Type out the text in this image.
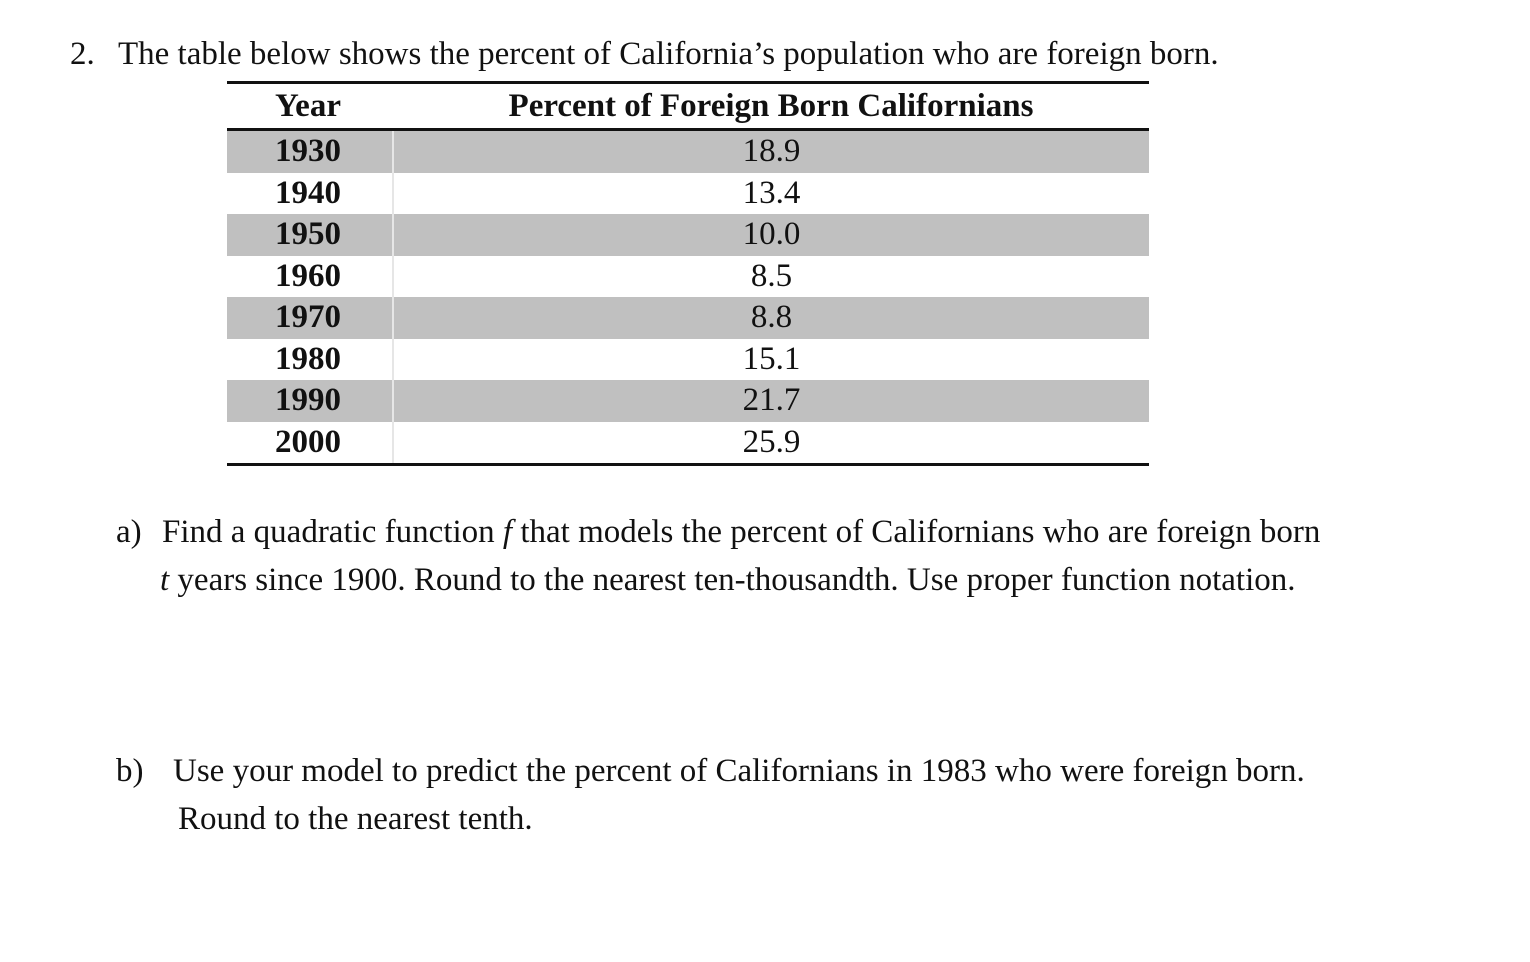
2. The table below shows the percent of California’s population who are foreign born.
Year	Percent of Foreign Born Californians
1930	18.9
1940	13.4
1950	10.0
1960	8.5
1970	8.8
1980	15.1
1990	21.7
2000	25.9
a) Find a quadratic function f that models the percent of Californians who are foreign born
t years since 1900. Round to the nearest ten-thousandth. Use proper function notation.
b) Use your model to predict the percent of Californians in 1983 who were foreign born.
Round to the nearest tenth.
